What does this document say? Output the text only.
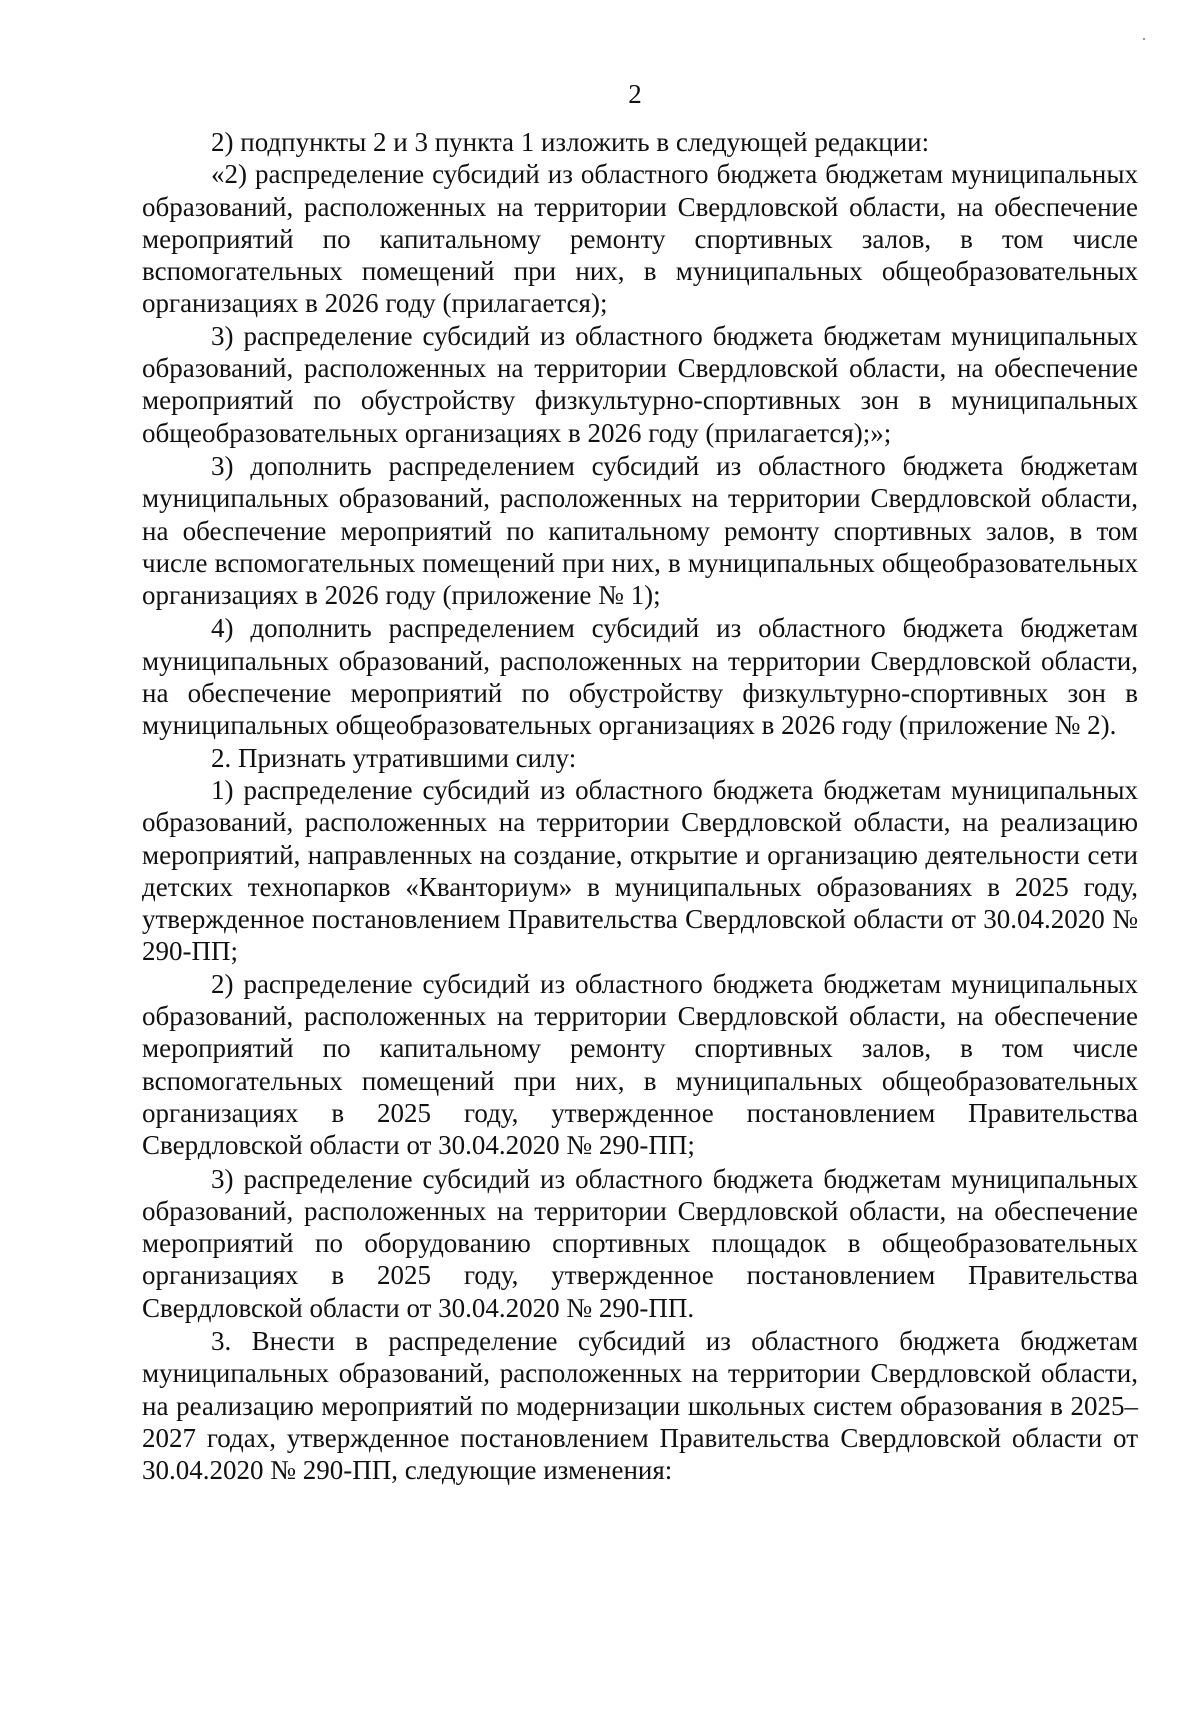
2

2) подпункты 2 и 3 пункта 1 изложить в следующей редакции:

«2) распределение субсидий из областного бюджета бюджетам муниципальных образований, расположенных на территории Свердловской области, на обеспечение мероприятий по капитальному ремонту спортивных залов, в том числе вспомогательных помещений при них, в муниципальных общеобразовательных организациях в 2026 году (прилагается);

3) распределение субсидий из областного бюджета бюджетам муниципальных образований, расположенных на территории Свердловской области, на обеспечение мероприятий по обустройству физкультурно-спортивных зон в муниципальных общеобразовательных организациях в 2026 году (прилагается);»;

3) дополнить распределением субсидий из областного бюджета бюджетам муниципальных образований, расположенных на территории Свердловской области, на обеспечение мероприятий по капитальному ремонту спортивных залов, в том числе вспомогательных помещений при них, в муниципальных общеобразовательных организациях в 2026 году (приложение № 1);

4) дополнить распределением субсидий из областного бюджета бюджетам муниципальных образований, расположенных на территории Свердловской области, на обеспечение мероприятий по обустройству физкультурно-спортивных зон в муниципальных общеобразовательных организациях в 2026 году (приложение № 2).

2. Признать утратившими силу:

1) распределение субсидий из областного бюджета бюджетам муниципальных образований, расположенных на территории Свердловской области, на реализацию мероприятий, направленных на создание, открытие и организацию деятельности сети детских технопарков «Кванториум» в муниципальных образованиях в 2025 году, утвержденное постановлением Правительства Свердловской области от 30.04.2020 № 290-ПП;

2) распределение субсидий из областного бюджета бюджетам муниципальных образований, расположенных на территории Свердловской области, на обеспечение мероприятий по капитальному ремонту спортивных залов, в том числе вспомогательных помещений при них, в муниципальных общеобразовательных организациях в 2025 году, утвержденное постановлением Правительства Свердловской области от 30.04.2020 № 290-ПП;

3) распределение субсидий из областного бюджета бюджетам муниципальных образований, расположенных на территории Свердловской области, на обеспечение мероприятий по оборудованию спортивных площадок в общеобразовательных организациях в 2025 году, утвержденное постановлением Правительства Свердловской области от 30.04.2020 № 290-ПП.

3. Внести в распределение субсидий из областного бюджета бюджетам муниципальных образований, расположенных на территории Свердловской области, на реализацию мероприятий по модернизации школьных систем образования в 2025–2027 годах, утвержденное постановлением Правительства Свердловской области от 30.04.2020 № 290-ПП, следующие изменения:
